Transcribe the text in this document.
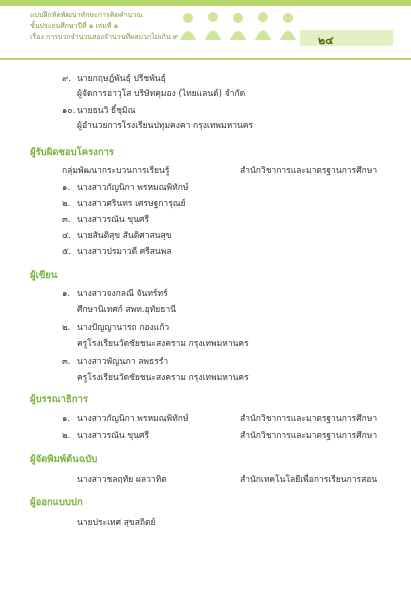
แบบฝึกหัดพัฒนาทักษะการคิดคำนวณ
ชั้นประถมศึกษาปีที่ ๑ เล่มที่ ๑
เรื่อง การบวกจำนวนสองจำนวนที่ผลบวกไม่เกิน ๙	๒๔
๙. นายกฤษฎ์พันธุ์ ปรีชพันธุ์
ผู้จัดการอาวุโส บริษัทคุมอง (ไทยแลนด์) จำกัด
๑๐. นายธนวิ ธิ์ชุมิณ
ผู้อำนวยการโรงเรียนปทุมคงคา กรุงเทพมหานคร
ผู้รับผิดชอบโครงการ
กลุ่มพัฒนากระบวนการเรียนรู้	สำนักวิชาการและมาตรฐานการศึกษา
๑. นางสาวกัญนิกา พรหมณพิทักษ์
๒. นางสาวศรินทร เศรษฐการุณย์
๓. นางสาวรณัน ขุนศรี
๔. นายสันติสุข สันติศาสนสุข
๕. นางสาวปรมาวดี ศรีสนพล
ผู้เขียน
๑. นางสาวจงกลณี จันทร์ทร์
ศึกษานิเทศก์ สพท.อุทัยธานี
๒. นางปัญญานารถ กองแก้ว
ครูโรงเรียนวัดชัยชนะสงคราม กรุงเทพมหานคร
๓. นางสาวพัญนภา ลพธรรำ
ครูโรงเรียนวัดชัยชนะสงคราม กรุงเทพมหานคร
ผู้บรรณาธิการ
๑. นางสาวกัญนิกา พรหมณพิทักษ์	สำนักวิชาการและมาตรฐานการศึกษา
๒. นางสาวรณัน ขุนศรี	สำนักวิชาการและมาตรฐานการศึกษา
ผู้จัดพิมพ์ต้นฉบับ
นางสาวชลฤทัย ผลวาทิต	สำนักเทคโนโลยีเพื่อการเรียนการสอน
ผู้ออกแบบปก
นายประเทศ สุขสถิตย์
